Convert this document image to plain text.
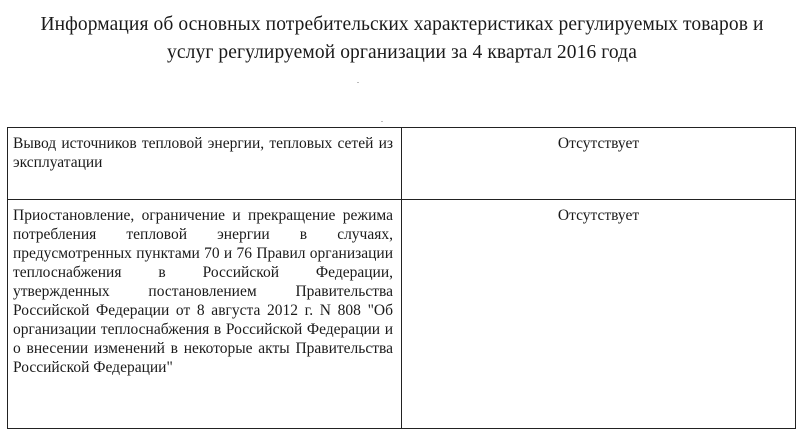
Информация об основных потребительских характеристиках регулируемых товаров и
услуг регулируемой организации за 4 квартал 2016 года
Вывод источников тепловой энергии, тепловых сетей из эксплуатации	Отсутствует
Приостановление, ограничение и прекращение режима потребления тепловой энергии в случаях, предусмотренных пунктами 70 и 76 Правил организации теплоснабжения в Российской Федерации, утвержденных постановлением Правительства Российской Федерации от 8 августа 2012 г. N 808 "Об организации теплоснабжения в Российской Федерации и о внесении изменений в некоторые акты Правительства Российской Федерации"	Отсутствует
